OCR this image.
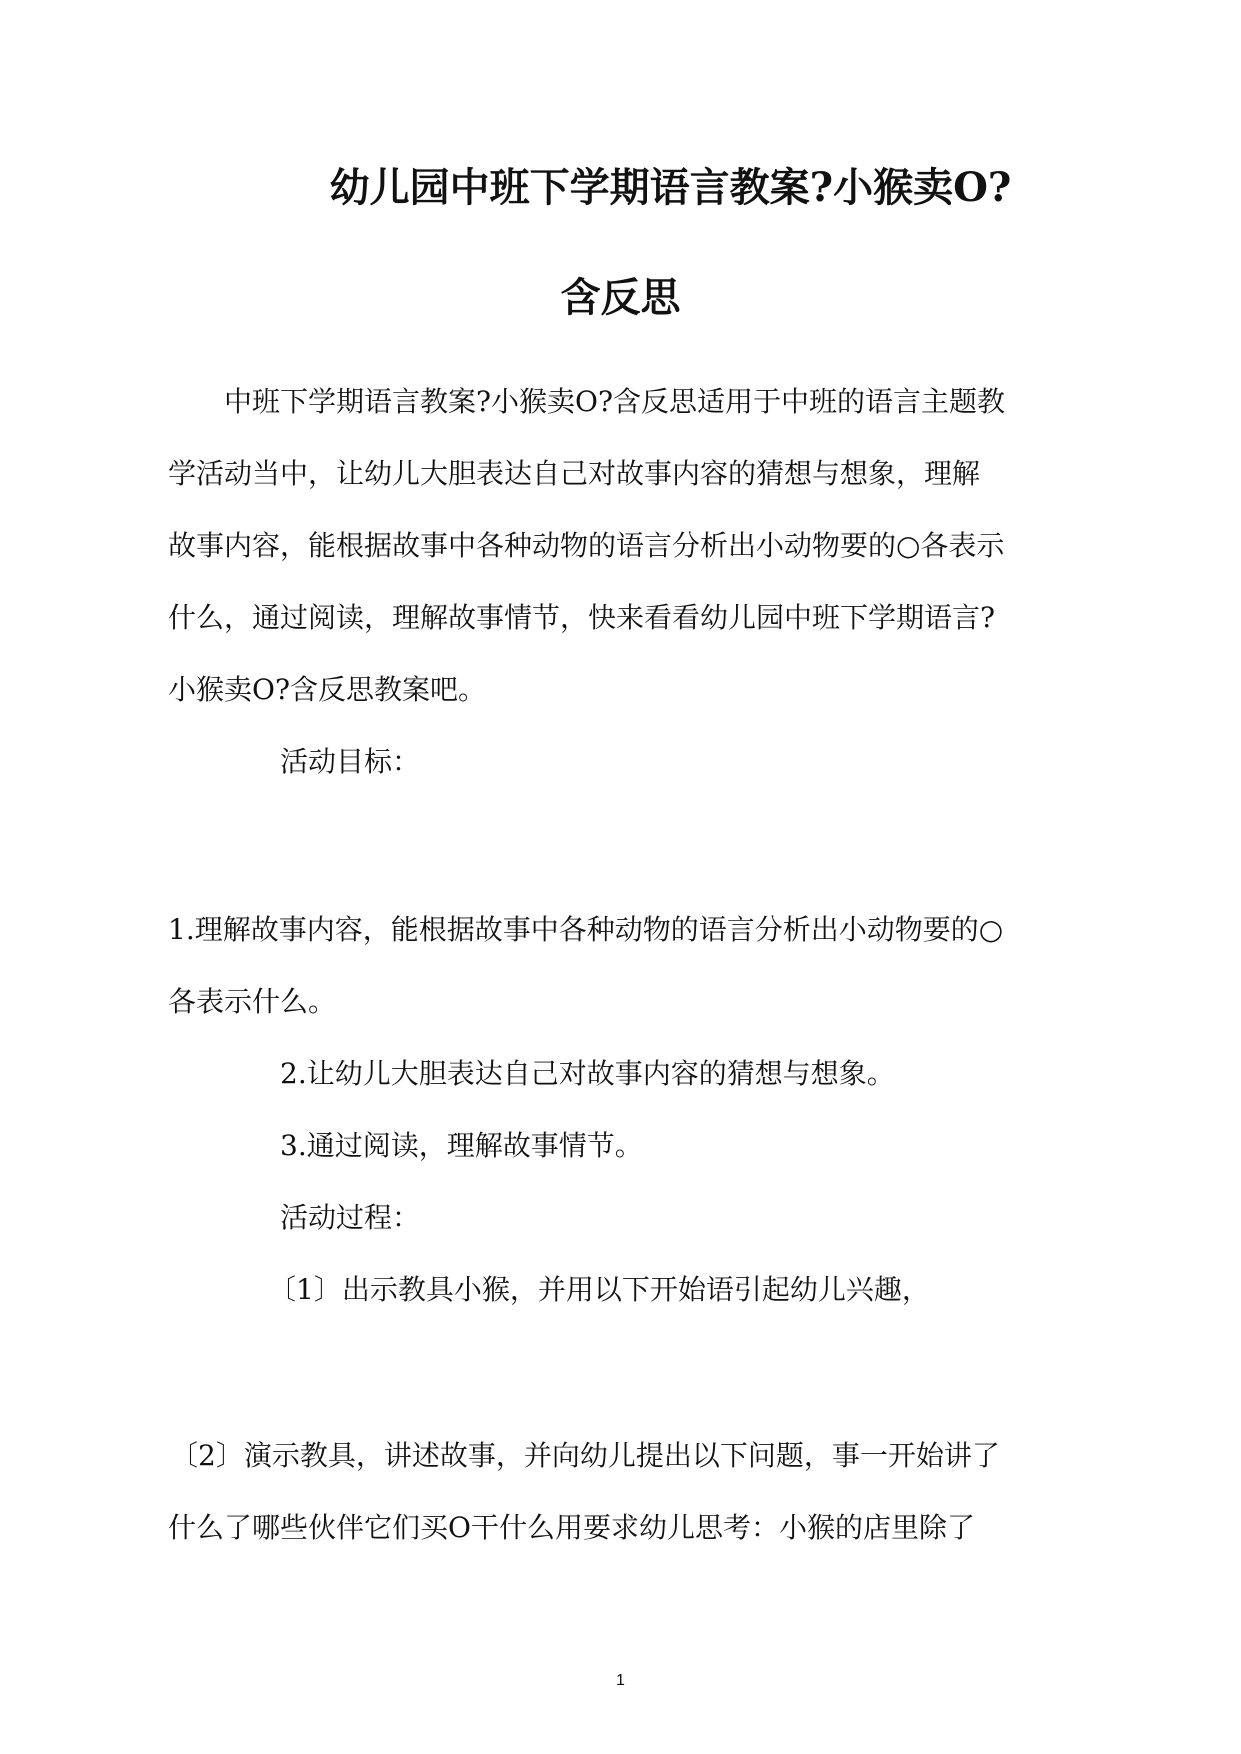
幼儿园中班下学期语言教案?小猴卖O?
含反思
中班下学期语言教案?小猴卖O?含反思适用于中班的语言主题教
学活动当中，让幼儿大胆表达自己对故事内容的猜想与想象，理解
故事内容，能根据故事中各种动物的语言分析出小动物要的○各表示
什么，通过阅读，理解故事情节，快来看看幼儿园中班下学期语言?
小猴卖O?含反思教案吧。
活动目标：
1.理解故事内容，能根据故事中各种动物的语言分析出小动物要的○
各表示什么。
2.让幼儿大胆表达自己对故事内容的猜想与想象。
3.通过阅读，理解故事情节。
活动过程：
〔1〕出示教具小猴，并用以下开始语引起幼儿兴趣，
〔2〕演示教具，讲述故事，并向幼儿提出以下问题，事一开始讲了
什么了哪些伙伴它们买O干什么用要求幼儿思考：小猴的店里除了
1
